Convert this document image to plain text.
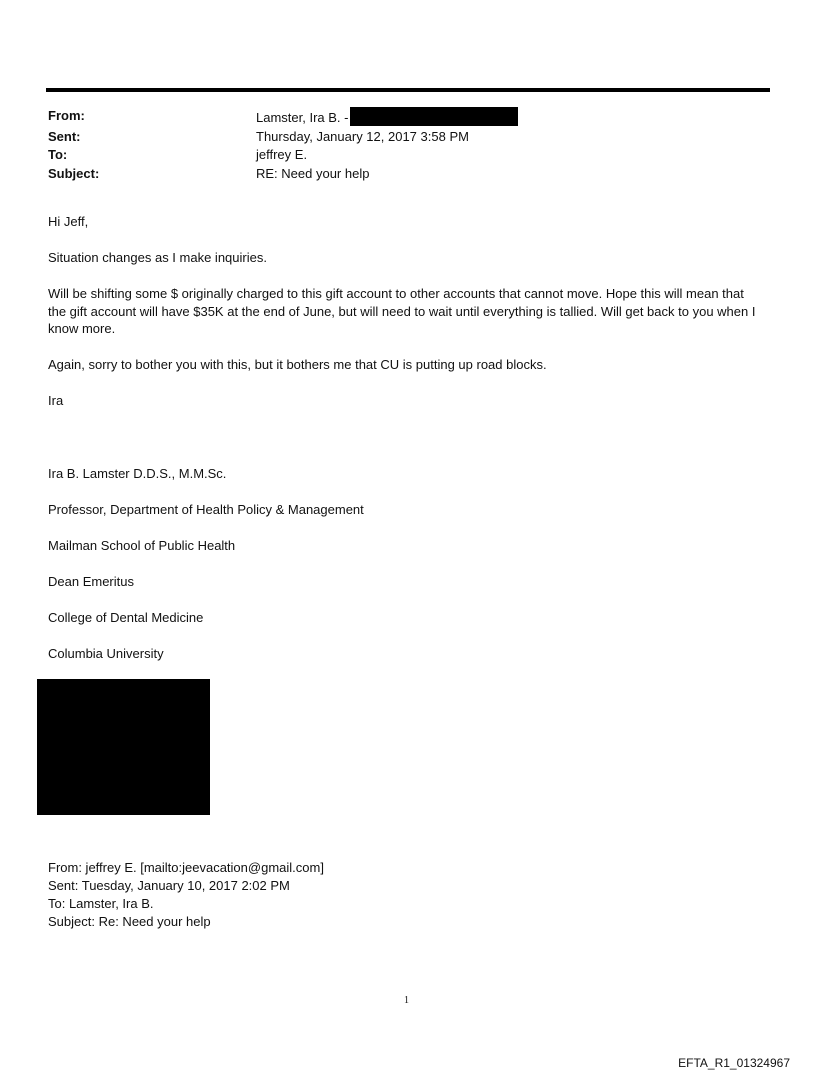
From:	Lamster, Ira B. -
Sent:	Thursday, January 12, 2017 3:58 PM
To:	jeffrey E.
Subject:	RE: Need your help

Hi Jeff,

Situation changes as I make inquiries.

Will be shifting some $ originally charged to this gift account to other accounts that cannot move. Hope this will mean that the gift account will have $35K at the end of June, but will need to wait until everything is tallied. Will get back to you when I know more.

Again, sorry to bother you with this, but it bothers me that CU is putting up road blocks.

Ira

Ira B. Lamster D.D.S., M.M.Sc.

Professor, Department of Health Policy & Management

Mailman School of Public Health

Dean Emeritus

College of Dental Medicine

Columbia University

From: jeffrey E. [mailto:jeevacation@gmail.com]
Sent: Tuesday, January 10, 2017 2:02 PM
To: Lamster, Ira B.
Subject: Re: Need your help
1
EFTA_R1_01324967
